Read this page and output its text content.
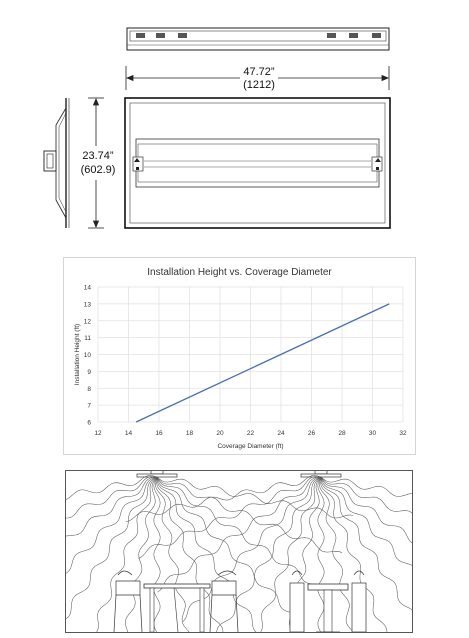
47.72”
(1212)
23.74”
(602.9)
Installation Height vs. Coverage Diameter
12	14	16	18	20	22	24	26	28	30	32
6
7
8
9
10
11
12
13
14
Coverage Diameter (ft)
Installation Height (ft)
